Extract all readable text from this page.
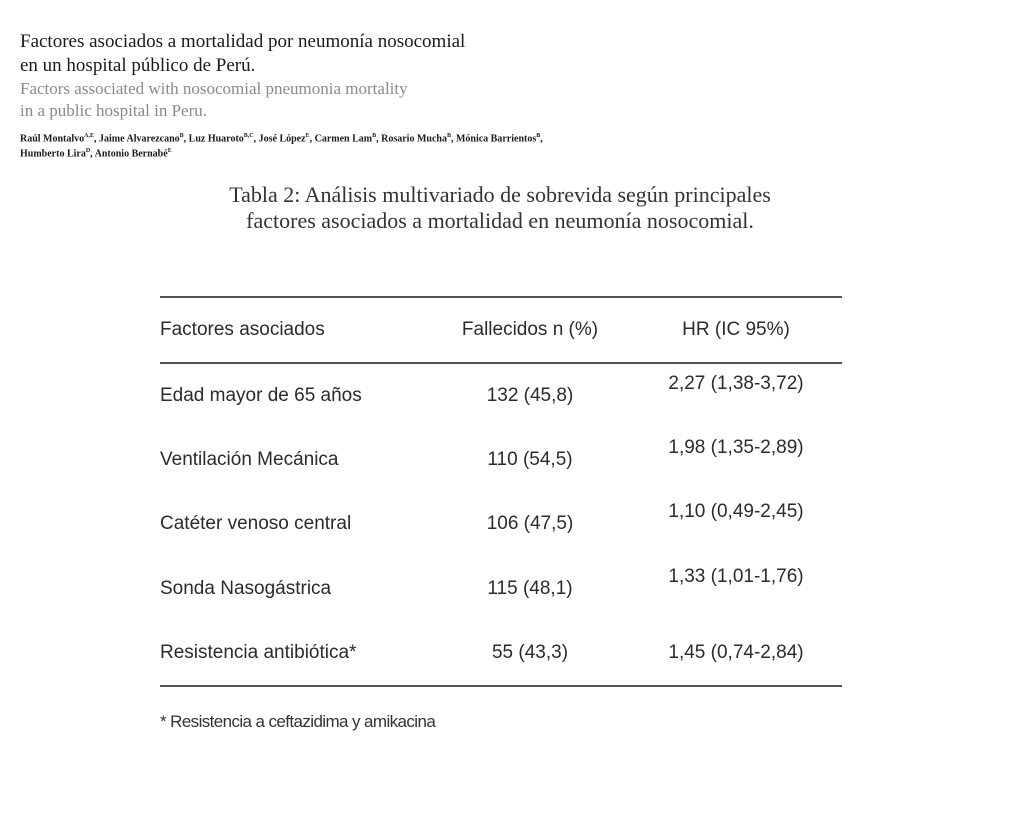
Factores asociados a mortalidad por neumonía nosocomial
en un hospital público de Perú.

Factors associated with nosocomial pneumonia mortality
in a public hospital in Peru.

Raúl Montalvo$^{A,E}$, Jaime Alvarezcano$^B$, Luz Huaroto$^{B,C}$, José López$^E$, Carmen Lam$^B$, Rosario Mucha$^B$, Mónica Barrientos$^B$,
Humberto Lira$^D$, Antonio Bernabé$^E$
Tabla 2: Análisis multivariado de sobrevida según principales
factores asociados a mortalidad en neumonía nosocomial.
Factores asociados	Fallecidos n (%)	HR (IC 95%)
Edad mayor de 65 años	132 (45,8)	2,27 (1,38-3,72)
Ventilación Mecánica	110 (54,5)	1,98 (1,35-2,89)
Catéter venoso central	106 (47,5)	1,10 (0,49-2,45)
Sonda Nasogástrica	115 (48,1)	1,33 (1,01-1,76)
Resistencia antibiótica*	55 (43,3)	1,45 (0,74-2,84)
* Resistencia a ceftazidima y amikacina
